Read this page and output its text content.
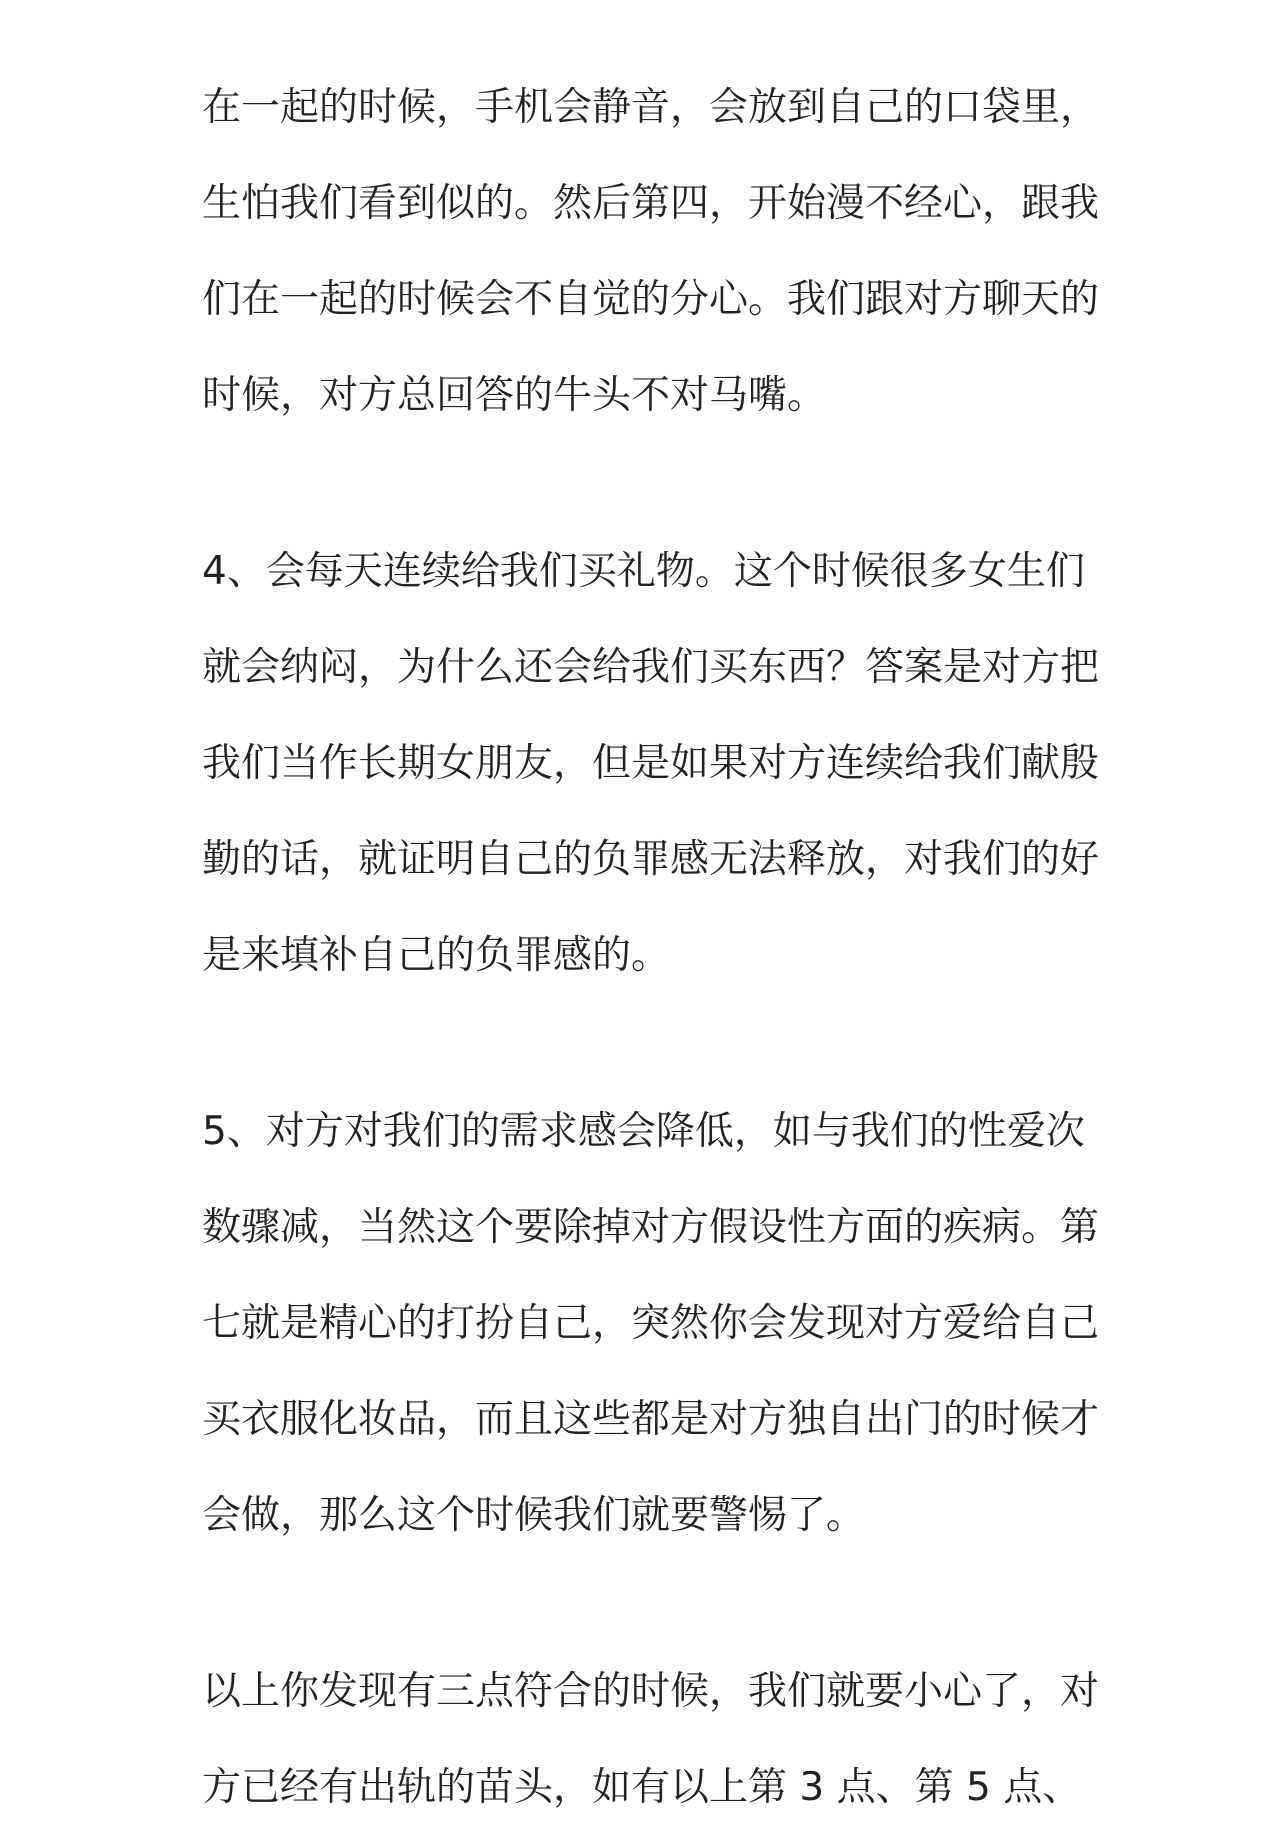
在一起的时候，手机会静音，会放到自己的口袋里，
生怕我们看到似的。然后第四，开始漫不经心，跟我
们在一起的时候会不自觉的分心。我们跟对方聊天的
时候，对方总回答的牛头不对马嘴。
4、会每天连续给我们买礼物。这个时候很多女生们
就会纳闷，为什么还会给我们买东西？答案是对方把
我们当作长期女朋友，但是如果对方连续给我们献殷
勤的话，就证明自己的负罪感无法释放，对我们的好
是来填补自己的负罪感的。
5、对方对我们的需求感会降低，如与我们的性爱次
数骤减，当然这个要除掉对方假设性方面的疾病。第
七就是精心的打扮自己，突然你会发现对方爱给自己
买衣服化妆品，而且这些都是对方独自出门的时候才
会做，那么这个时候我们就要警惕了。
以上你发现有三点符合的时候，我们就要小心了，对
方已经有出轨的苗头，如有以上第 3 点、第 5 点、
